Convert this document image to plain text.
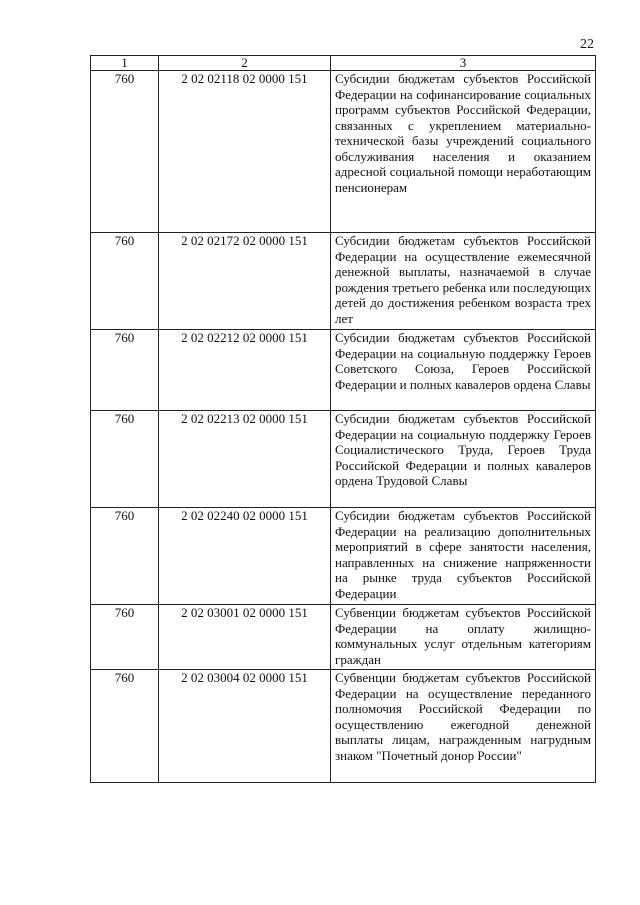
22
1	2	3
760	2 02 02118 02 0000 151	Субсидии бюджетам субъектов Российской Федерации на софинансирование социальных программ субъектов Российской Федерации, связанных с укреплением материально-технической базы учреждений социального обслуживания населения и оказанием адресной социальной помощи неработающим пенсионерам
760	2 02 02172 02 0000 151	Субсидии бюджетам субъектов Российской Федерации на осуществление ежемесячной денежной выплаты, назначаемой в случае рождения третьего ребенка или последующих детей до достижения ребенком возраста трех лет
760	2 02 02212 02 0000 151	Субсидии бюджетам субъектов Российской Федерации на социальную поддержку Героев Советского Союза, Героев Российской Федерации и полных кавалеров ордена Славы
760	2 02 02213 02 0000 151	Субсидии бюджетам субъектов Российской Федерации на социальную поддержку Героев Социалистического Труда, Героев Труда Российской Федерации и полных кавалеров ордена Трудовой Славы
760	2 02 02240 02 0000 151	Субсидии бюджетам субъектов Российской Федерации на реализацию дополнительных мероприятий в сфере занятости населения, направленных на снижение напряженности на рынке труда субъектов Российской Федерации
760	2 02 03001 02 0000 151	Субвенции бюджетам субъектов Российской Федерации на оплату жилищно-коммунальных услуг отдельным категориям граждан
760	2 02 03004 02 0000 151	Субвенции бюджетам субъектов Российской Федерации на осуществление переданного полномочия Российской Федерации по осуществлению ежегодной денежной выплаты лицам, награжденным нагрудным знаком "Почетный донор России"
